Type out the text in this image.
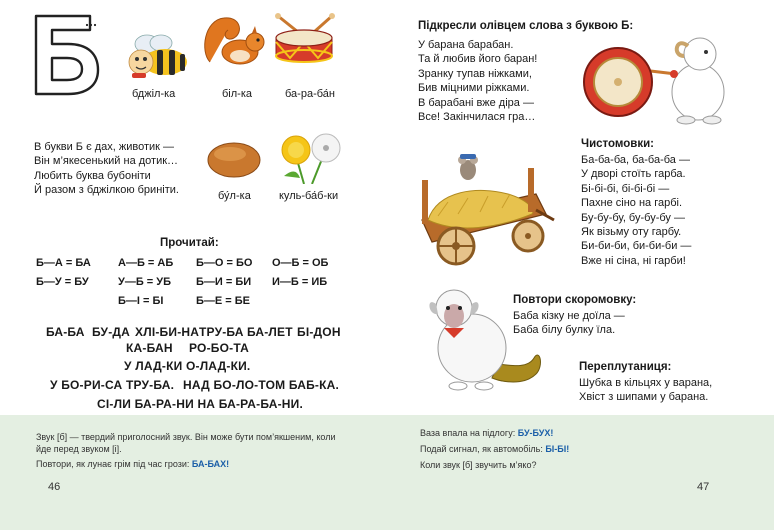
бджіл-ка	біл-ка	ба-ра-ба́н
В букви Б є дах, животик —
Він м’якесенький на дотик…
Любить буква бубоніти
Й разом з бджілкою бриніти.	бу́л-ка	куль-ба́б-ки
Прочитай:
Б—А = БА А—Б = АБ Б—О = БО О—Б = ОБ
Б—У = БУ	У—Б = УБ Б—И = БИ И—Б = ИБ
Б—І = БІ	Б—Е = БЕ
БА-БА БУ-ДА ХЛІ-БИ-НА ТРУ-БА БА-ЛЕТ БІ-ДОН
КА-БАН РО-БО-ТА
У ЛАД-КИ О-ЛАД-КИ.
У БО-РИ-СА ТРУ-БА. НАД БО-ЛО-ТОМ БАБ-КА.
СІ-ЛИ БА-РА-НИ НА БА-РА-БА-НИ.
Звук [б] — твердий приголосний звук. Він може бути пом’якшеним, коли
йде перед звуком [і].
Повтори, як лунає грім під час грози: БА-БАХ!
46
Підкресли олівцем слова з буквою Б:
У барана барабан.
Та й любив його баран!
Зранку тупав ніжками,
Бив міцними ріжками.
В барабані вже діра —
Все! Закінчилася гра…
Чистомовки:
Ба-ба-ба, ба-ба-ба —
У дворі стоїть гарба.
Бі-бі-бі, бі-бі-бі —
Пахне сіно на гарбі.
Бу-бу-бу, бу-бу-бу —
Як візьму оту гарбу.
Би-би-би, би-би-би —
Вже ні сіна, ні гарби!
Повтори скоромовку:
Баба кізку не доїла —
Баба білу булку їла.
Переплутаниця:
Шубка в кільцях у варана,
Хвіст з шипами у барана.
Ваза впала на підлогу: БУ-БУХ!
Подай сигнал, як автомобіль: БІ-БІ!
Коли звук [б] звучить м’яко?
47
